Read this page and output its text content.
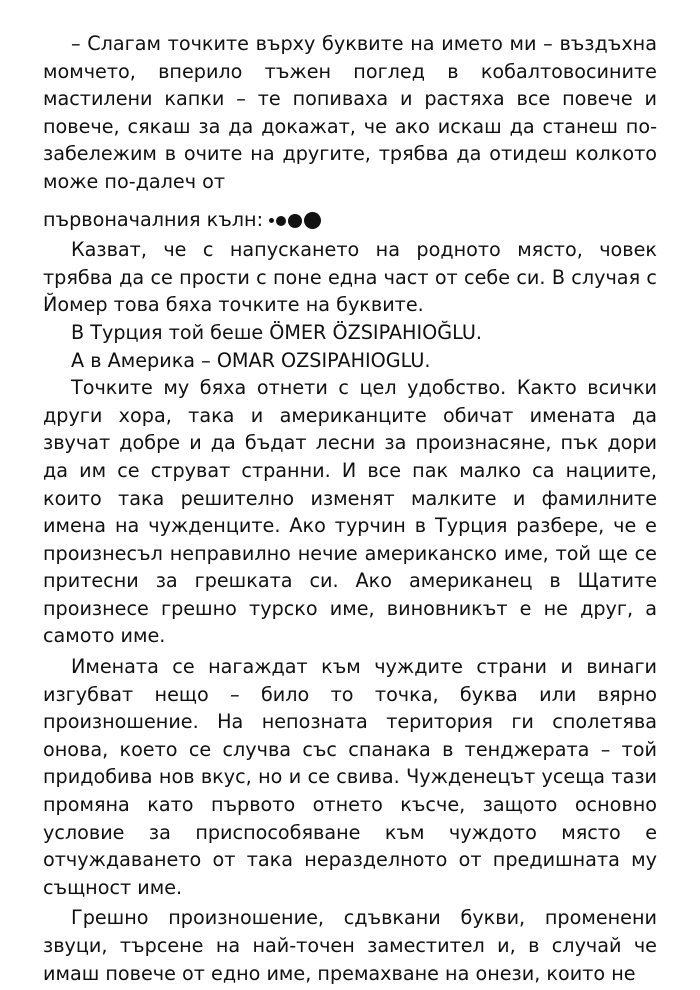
– Слагам точките върху буквите на името ми – въздъхна момчето, вперило тъжен поглед в кобалтовосините мастилени капки – те попиваха и растяха все повече и повече, сякаш за да докажат, че ако искаш да станеш по-забележим в очите на другите, трябва да отидеш колкото може по-далеч от
първоначалния кълн:

Казват, че с напускането на родното място, човек трябва да се прости с поне една част от себе си. В случая с Йомер това бяха точките на буквите.

В Турция той беше ÖMER ÖZSIPAHIOĞLU.

А в Америка – OMAR OZSIPAHIOGLU.

Точките му бяха отнети с цел удобство. Както всички други хора, така и американците обичат имената да звучат добре и да бъдат лесни за произнасяне, пък дори да им се струват странни. И все пак малко са нациите, които така решително изменят малките и фамилните имена на чужденците. Ако турчин в Турция разбере, че е произнесъл неправилно нечие американско име, той ще се притесни за грешката си. Ако американец в Щатите произнесе грешно турско име, виновникът е не друг, а самото име.

Имената се нагаждат към чуждите страни и винаги изгубват нещо – било то точка, буква или вярно произношение. На непозната територия ги сполетява онова, което се случва със спанака в тенджерата – той придобива нов вкус, но и се свива. Чужденецът усеща тази промяна като първото отнето късче, защото основно условие за приспособяване към чуждото място е отчуждаването от така неразделното от предишната му същност име.

Грешно произношение, сдъвкани букви, променени звуци, търсене на най-точен заместител и, в случай че имаш повече от едно име, премахване на онези, които не
